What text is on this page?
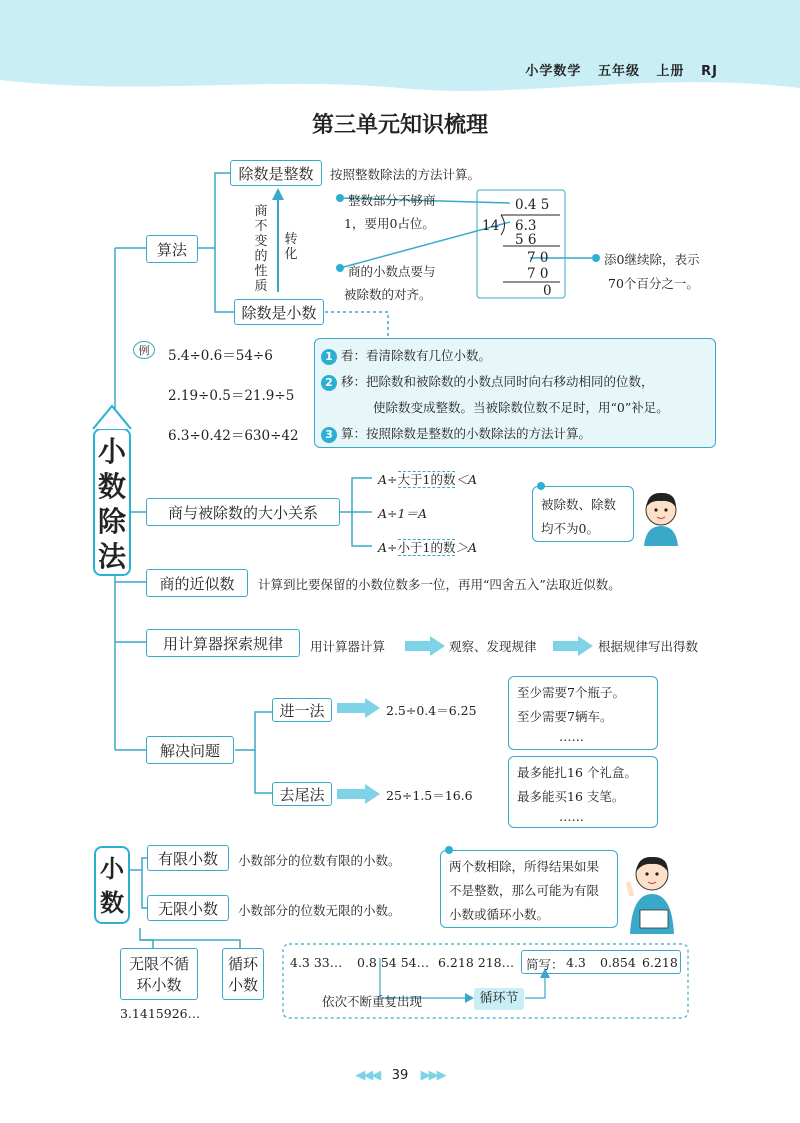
小学数学 五年级 上册 RJ
第三单元知识梳理
小
数
除
法
算法
除数是整数	按照整数除法的方法计算。
除数是小数
商
不
变
的
性
质
转
化
整数部分不够商
1，要用0占位。
商的小数点要与
被除数的对齐。
添0继续除，表示
70个百分之一。
0.4 5
14 6.3
5 6
7 0
7 0
0
例	5.4÷0.6＝54÷6
2.19÷0.5＝21.9÷5
6.3÷0.42＝630÷42
1 看：看清除数有几位小数。
2 移：把除数和被除数的小数点同时向右移动相同的位数，
使除数变成整数。当被除数位数不足时，用“0”补足。
3 算：按照除数是整数的小数除法的方法计算。
商与被除数的大小关系
A÷大于1的数＜A
A÷1＝A
A÷小于1的数＞A
被除数、除数
均不为0。
商的近似数	计算到比要保留的小数位数多一位，再用“四舍五入”法取近似数。
用计算器探索规律	用计算器计算	观察、发现规律	根据规律写出得数
解决问题
进一法	2.5÷0.4＝6.25
至少需要7个瓶子。
至少需要7辆车。
……
去尾法	25÷1.5＝16.6
最多能扎16 个礼盒。
最多能买16 支笔。
……
小
数
有限小数	小数部分的位数有限的小数。
无限小数	小数部分的位数无限的小数。
两个数相除，所得结果如果
不是整数，那么可能为有限
小数或循环小数。
无限不循
环小数
3.1415926…
循环
小数
4.3 33… 0.8 54 54… 6.218 218… 简写： 4.3 0.854 6.218
依次不断重复出现	循环节
◀◀◀ 39 ▶▶▶
